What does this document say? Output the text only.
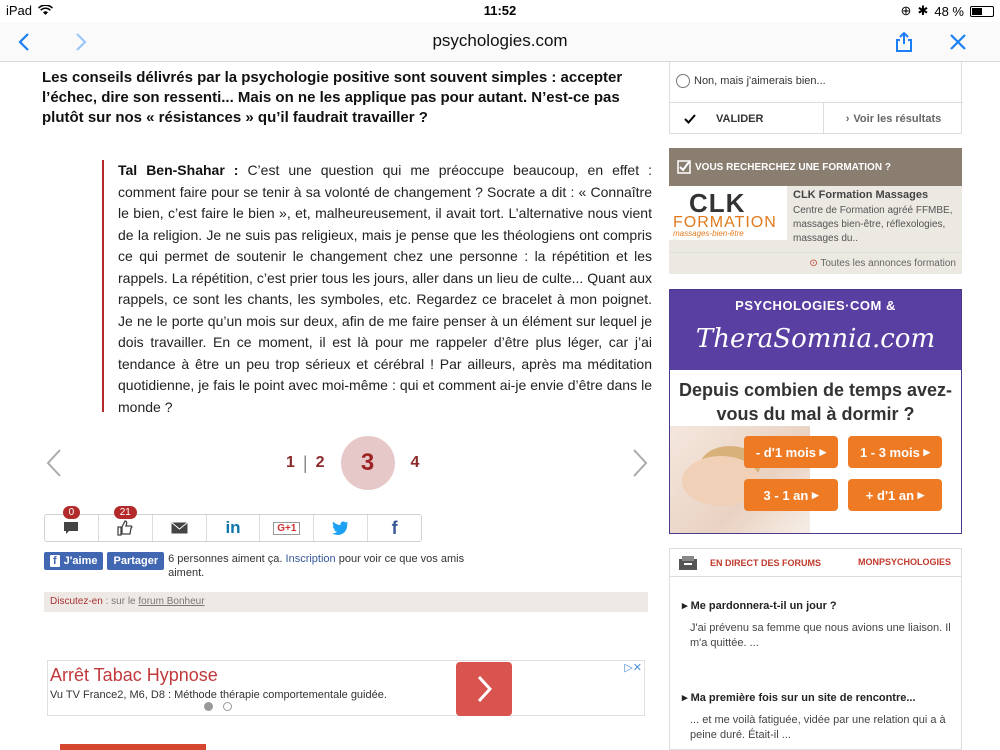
iPad	11:52	⊕ ✱ 48 %
psychologies.com
Les conseils délivrés par la psychologie positive sont souvent simples : accepter l’échec, dire son ressenti... Mais on ne les applique pas pour autant. N’est-ce pas plutôt sur nos « résistances » qu’il faudrait travailler ?
Tal Ben-Shahar : C’est une question qui me préoccupe beaucoup, en effet : comment faire pour se tenir à sa volonté de changement ? Socrate a dit : « Connaître le bien, c’est faire le bien », et, malheureusement, il avait tort. L’alternative nous vient de la religion. Je ne suis pas religieux, mais je pense que les théologiens ont compris ce qui permet de soutenir le changement chez une personne : la répétition et les rappels. La répétition, c’est prier tous les jours, aller dans un lieu de culte... Quant aux rappels, ce sont les chants, les symboles, etc. Regardez ce bracelet à mon poignet. Je ne le porte qu’un mois sur deux, afin de me faire penser à un élément sur lequel je dois travailler. En ce moment, il est là pour me rappeler d’être plus léger, car j’ai tendance à être un peu trop sérieux et cérébral ! Par ailleurs, après ma méditation quotidienne, je fais le point avec moi-même : qui et comment ai-je envie d’être dans le monde ?
1 | 2	3	4
0	21
in	G+1	f
f J'aime	Partager 6 personnes aiment ça. Inscription pour voir ce que vos amis aiment.
Discutez-en : sur le forum Bonheur
Arrêt Tabac Hypnose
Vu TV France2, M6, D8 : Méthode thérapie comportementale guidée.
▷✕
Non, mais j'aimerais bien...
VALIDER	› Voir les résultats
VOUS RECHERCHEZ UNE FORMATION ?
CLK
FORMATION
massages-bien-être
CLK Formation Massages
Centre de Formation agréé FFMBE, massages bien-être, réflexologies, massages du..
⊙ Toutes les annonces formation
PSYCHOLOGIES·COM &
TheraSomnia.com
Depuis combien de temps avez-vous du mal à dormir ?
- d'1 mois ▸	1 - 3 mois ▸
3 - 1 an ▸	+ d'1 an ▸
EN DIRECT DES FORUMS	MONPSYCHOLOGIES
▸ Me pardonnera-t-il un jour ?
J'ai prévenu sa femme que nous avions une liaison. Il m'a quittée. ...
▸ Ma première fois sur un site de rencontre...
... et me voilà fatiguée, vidée par une relation qui a à peine duré. Était-il ...
